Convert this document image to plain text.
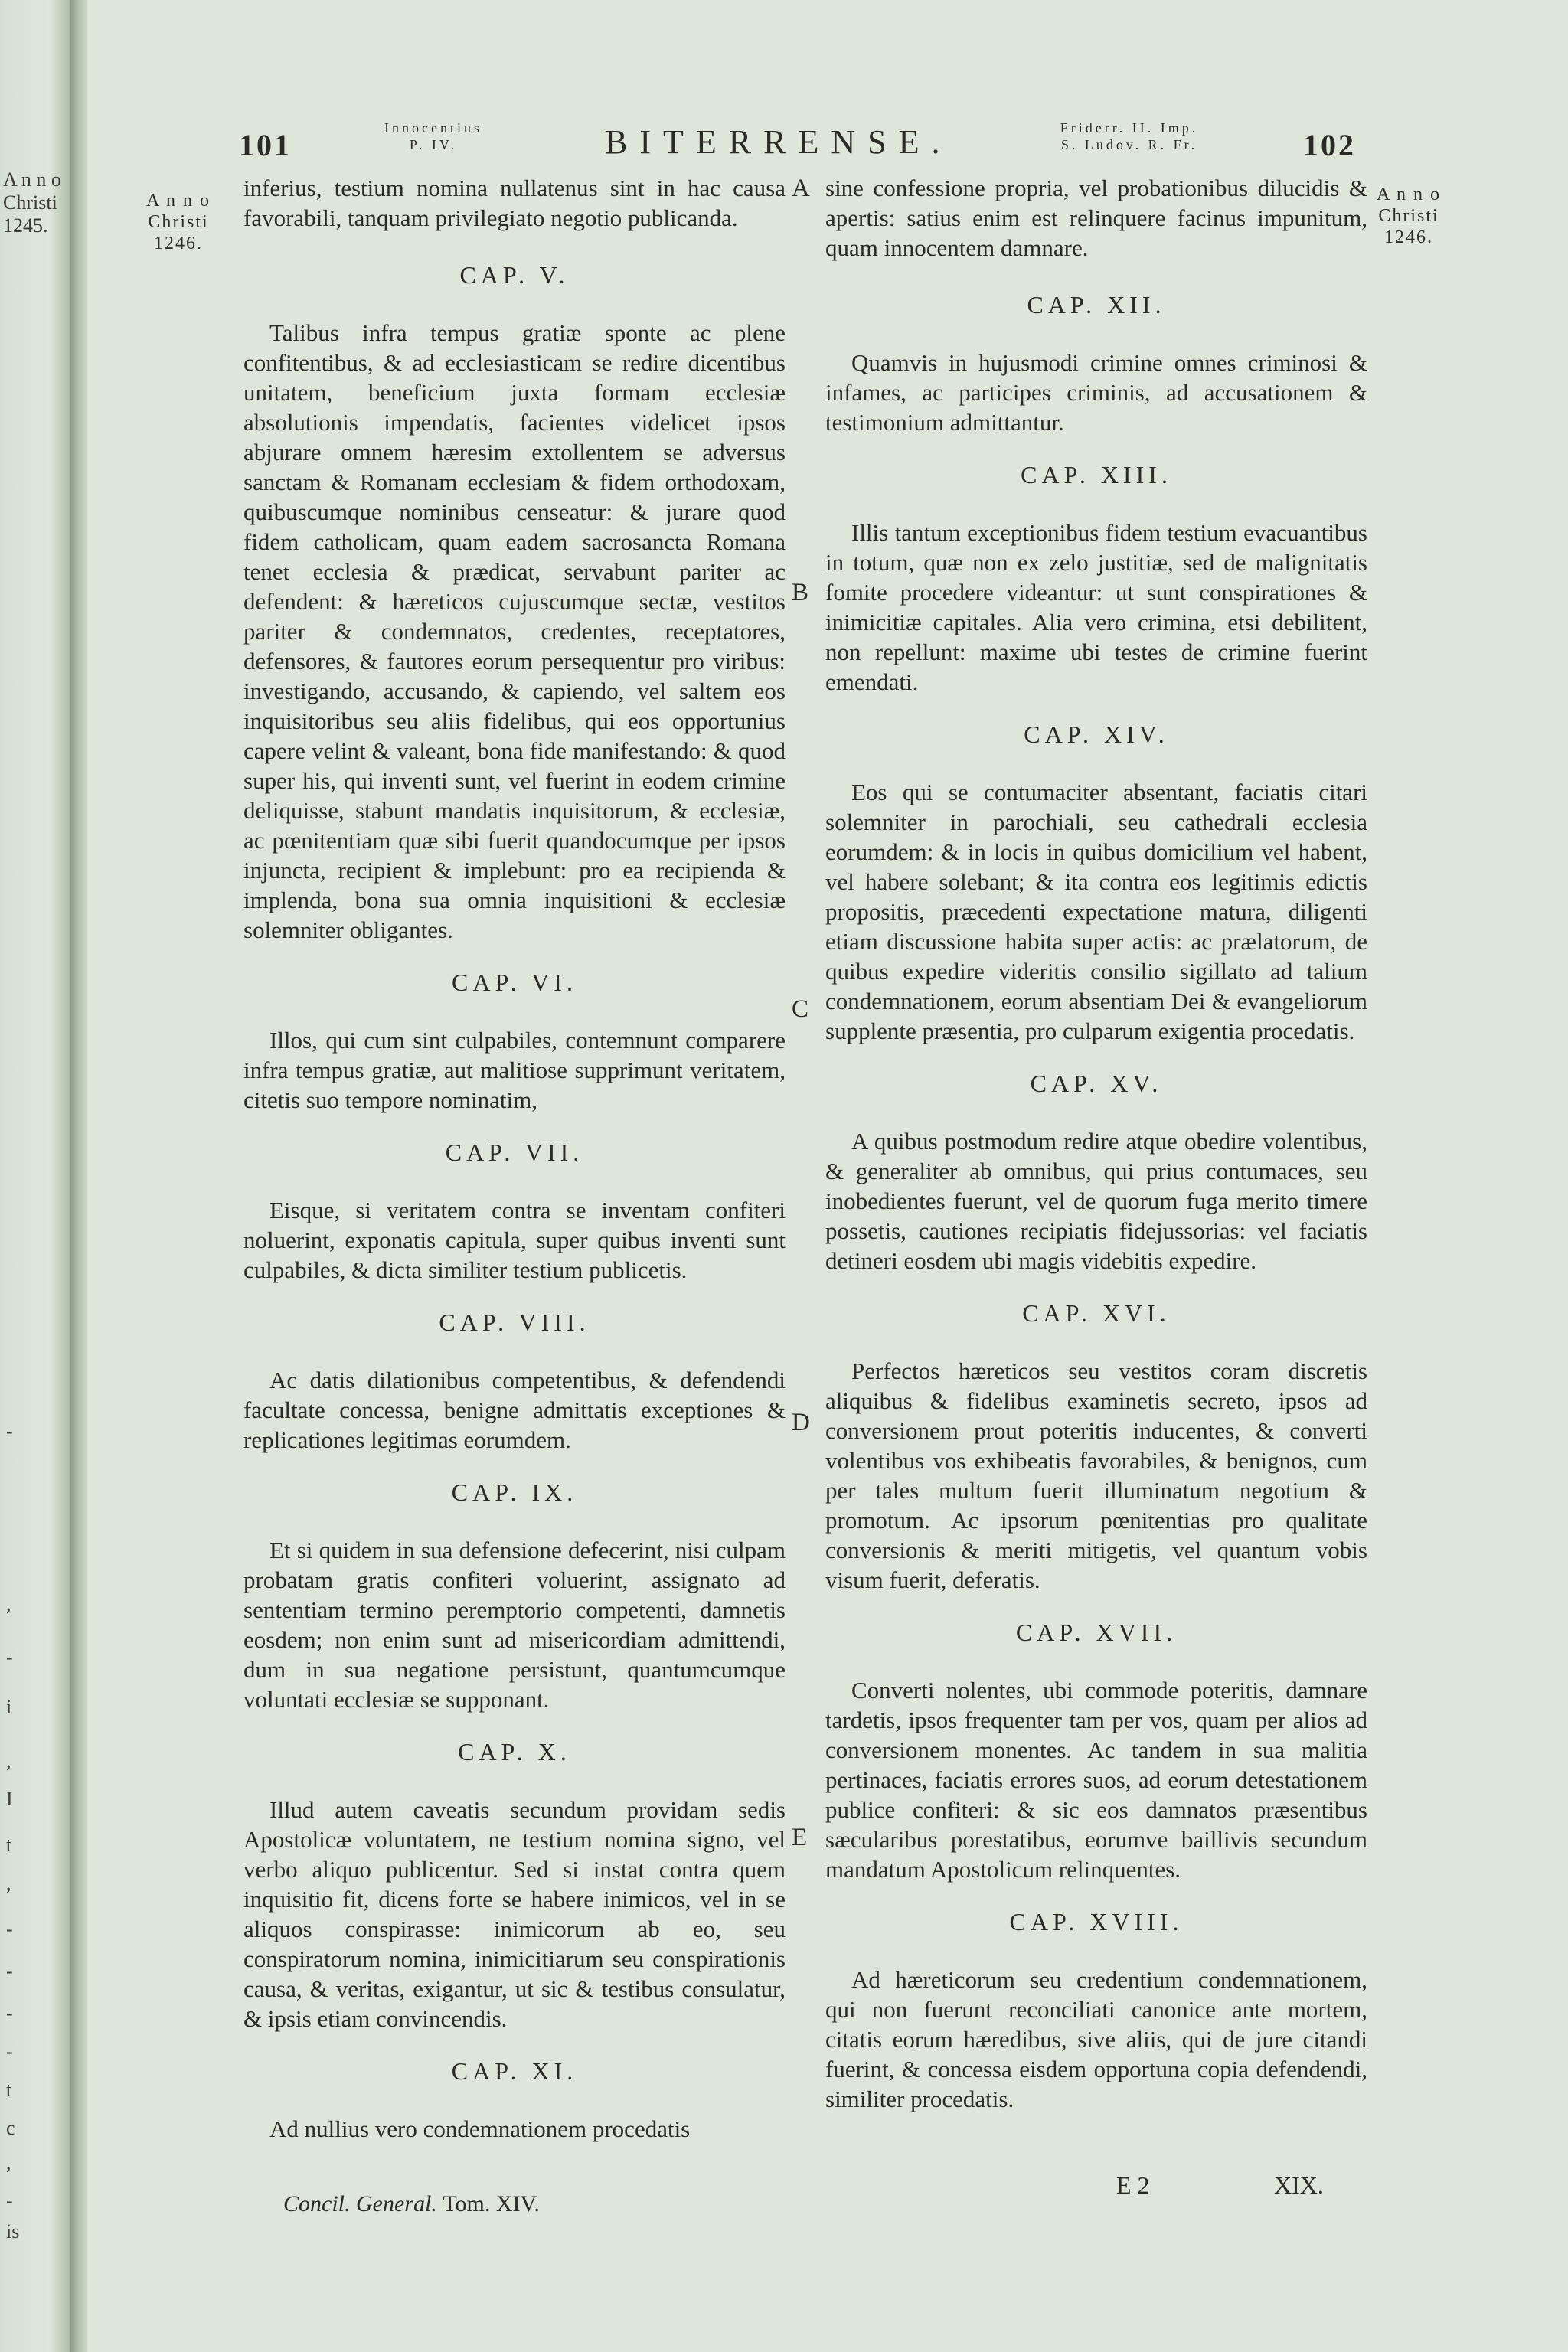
A n n o
Christi
1245.
-
,
-
i
,
I
t
,
-
-
-
-
t
c
,
-
is
101	Innocentius
P. IV.	BITERRENSE.	Friderr. II. Imp.
S. Ludov. R. Fr.	102
A n n o
Christi
1246.
A n n o
Christi
1246.
A
B
C
D
E

inferius, testium nomina nullatenus sint in hac causa favorabili, tanquam privilegiato negotio publicanda.

CAP. V.

Talibus infra tempus gratiæ sponte ac plene confitentibus, & ad ecclesiasticam se redire dicentibus unitatem, beneficium juxta formam ecclesiæ absolutionis impendatis, facientes videlicet ipsos abjurare omnem hæresim extollentem se adversus sanctam & Romanam ecclesiam & fidem orthodoxam, quibuscumque nominibus censeatur: & jurare quod fidem catholicam, quam eadem sacrosancta Romana tenet ecclesia & prædicat, servabunt pariter ac defendent: & hæreticos cujuscumque sectæ, vestitos pariter & condemnatos, credentes, receptatores, defensores, & fautores eorum persequentur pro viribus: investigando, accusando, & capiendo, vel saltem eos inquisitoribus seu aliis fidelibus, qui eos opportunius capere velint & valeant, bona fide manifestando: & quod super his, qui inventi sunt, vel fuerint in eodem crimine deliquisse, stabunt mandatis inquisitorum, & ecclesiæ, ac pœnitentiam quæ sibi fuerit quandocumque per ipsos injuncta, recipient & implebunt: pro ea recipienda & implenda, bona sua omnia inquisitioni & ecclesiæ solemniter obligantes.

CAP. VI.

Illos, qui cum sint culpabiles, contemnunt comparere infra tempus gratiæ, aut malitiose supprimunt veritatem, citetis suo tempore nominatim,

CAP. VII.

Eisque, si veritatem contra se inventam confiteri noluerint, exponatis capitula, super quibus inventi sunt culpabiles, & dicta similiter testium publicetis.

CAP. VIII.

Ac datis dilationibus competentibus, & defendendi facultate concessa, benigne admittatis exceptiones & replicationes legitimas eorumdem.

CAP. IX.

Et si quidem in sua defensione defecerint, nisi culpam probatam gratis confiteri voluerint, assignato ad sententiam termino peremptorio competenti, damnetis eosdem; non enim sunt ad misericordiam admittendi, dum in sua negatione persistunt, quantumcumque voluntati ecclesiæ se supponant.

CAP. X.

Illud autem caveatis secundum providam sedis Apostolicæ voluntatem, ne testium nomina signo, vel verbo aliquo publicentur. Sed si instat contra quem inquisitio fit, dicens forte se habere inimicos, vel in se aliquos conspirasse: inimicorum ab eo, seu conspiratorum nomina, inimicitiarum seu conspirationis causa, & veritas, exigantur, ut sic & testibus consulatur, & ipsis etiam convincendis.

CAP. XI.

Ad nullius vero condemnationem procedatis

sine confessione propria, vel probationibus dilucidis & apertis: satius enim est relinquere facinus impunitum, quam innocentem damnare.

CAP. XII.

Quamvis in hujusmodi crimine omnes criminosi & infames, ac participes criminis, ad accusationem & testimonium admittantur.

CAP. XIII.

Illis tantum exceptionibus fidem testium evacuantibus in totum, quæ non ex zelo justitiæ, sed de malignitatis fomite procedere videantur: ut sunt conspirationes & inimicitiæ capitales. Alia vero crimina, etsi debilitent, non repellunt: maxime ubi testes de crimine fuerint emendati.

CAP. XIV.

Eos qui se contumaciter absentant, faciatis citari solemniter in parochiali, seu cathedrali ecclesia eorumdem: & in locis in quibus domicilium vel habent, vel habere solebant; & ita contra eos legitimis edictis propositis, præcedenti expectatione matura, diligenti etiam discussione habita super actis: ac prælatorum, de quibus expedire videritis consilio sigillato ad talium condemnationem, eorum absentiam Dei & evangeliorum supplente præsentia, pro culparum exigentia procedatis.

CAP. XV.

A quibus postmodum redire atque obedire volentibus, & generaliter ab omnibus, qui prius contumaces, seu inobedientes fuerunt, vel de quorum fuga merito timere possetis, cautiones recipiatis fidejussorias: vel faciatis detineri eosdem ubi magis videbitis expedire.

CAP. XVI.

Perfectos hæreticos seu vestitos coram discretis aliquibus & fidelibus examinetis secreto, ipsos ad conversionem prout poteritis inducentes, & converti volentibus vos exhibeatis favorabiles, & benignos, cum per tales multum fuerit illuminatum negotium & promotum. Ac ipsorum pœnitentias pro qualitate conversionis & meriti mitigetis, vel quantum vobis visum fuerit, deferatis.

CAP. XVII.

Converti nolentes, ubi commode poteritis, damnare tardetis, ipsos frequenter tam per vos, quam per alios ad conversionem monentes. Ac tandem in sua malitia pertinaces, faciatis errores suos, ad eorum detestationem publice confiteri: & sic eos damnatos præsentibus sæcularibus porestatibus, eorumve baillivis secundum mandatum Apostolicum relinquentes.

CAP. XVIII.

Ad hæreticorum seu credentium condemnationem, qui non fuerunt reconciliati canonice ante mortem, citatis eorum hæredibus, sive aliis, qui de jure citandi fuerint, & concessa eisdem opportuna copia defendendi, similiter procedatis.

Concil. General. Tom. XIV.
E 2	XIX.
